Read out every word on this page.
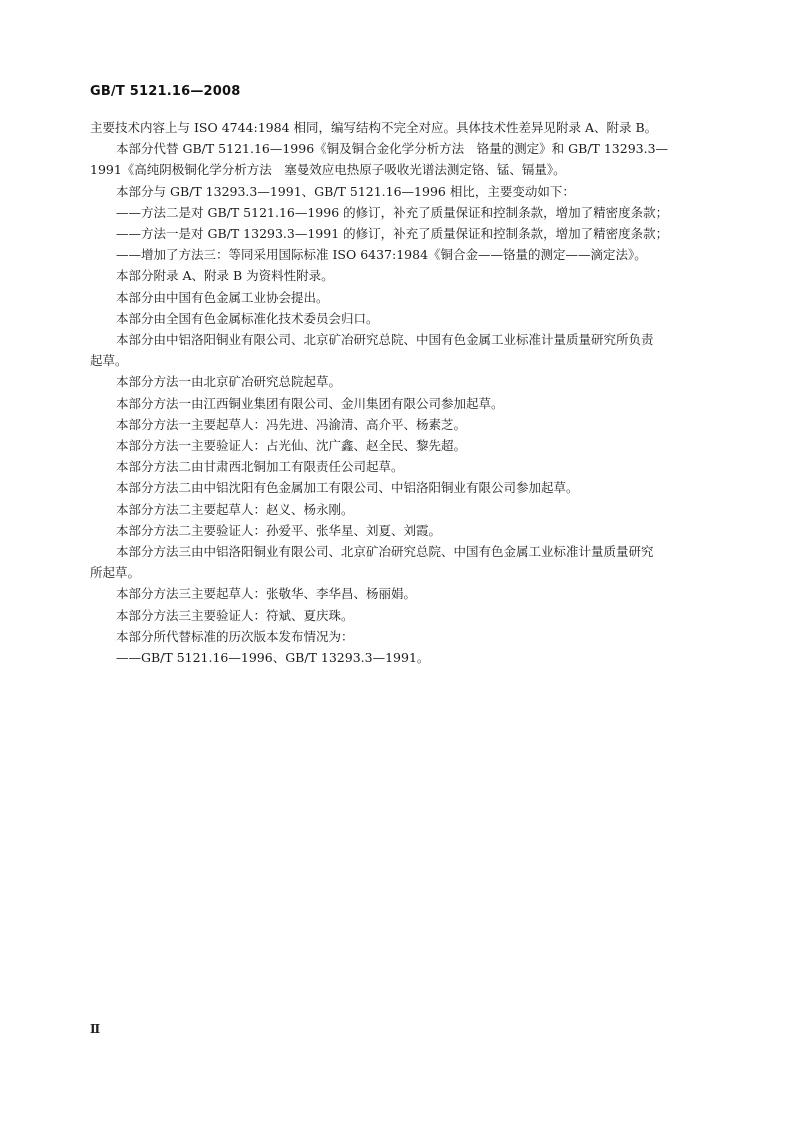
GB/T 5121.16—2008
主要技术内容上与 ISO 4744:1984 相同，编写结构不完全对应。具体技术性差异见附录 A、附录 B。
本部分代替 GB/T 5121.16—1996《铜及铜合金化学分析方法　铬量的测定》和 GB/T 13293.3—
1991《高纯阴极铜化学分析方法　塞曼效应电热原子吸收光谱法测定铬、锰、镉量》。
本部分与 GB/T 13293.3—1991、GB/T 5121.16—1996 相比，主要变动如下：
——方法二是对 GB/T 5121.16—1996 的修订，补充了质量保证和控制条款，增加了精密度条款；
——方法一是对 GB/T 13293.3—1991 的修订，补充了质量保证和控制条款，增加了精密度条款；
——增加了方法三：等同采用国际标准 ISO 6437:1984《铜合金——铬量的测定——滴定法》。
本部分附录 A、附录 B 为资料性附录。
本部分由中国有色金属工业协会提出。
本部分由全国有色金属标准化技术委员会归口。
本部分由中铝洛阳铜业有限公司、北京矿冶研究总院、中国有色金属工业标准计量质量研究所负责
起草。
本部分方法一由北京矿冶研究总院起草。
本部分方法一由江西铜业集团有限公司、金川集团有限公司参加起草。
本部分方法一主要起草人：冯先进、冯渝清、高介平、杨素芝。
本部分方法一主要验证人：占光仙、沈广鑫、赵全民、黎先超。
本部分方法二由甘肃西北铜加工有限责任公司起草。
本部分方法二由中铝沈阳有色金属加工有限公司、中铝洛阳铜业有限公司参加起草。
本部分方法二主要起草人：赵义、杨永刚。
本部分方法二主要验证人：孙爱平、张华星、刘夏、刘霞。
本部分方法三由中铝洛阳铜业有限公司、北京矿冶研究总院、中国有色金属工业标准计量质量研究
所起草。
本部分方法三主要起草人：张敬华、李华昌、杨丽娟。
本部分方法三主要验证人：符斌、夏庆珠。
本部分所代替标准的历次版本发布情况为：
——GB/T 5121.16—1996、GB/T 13293.3—1991。
Ⅱ
